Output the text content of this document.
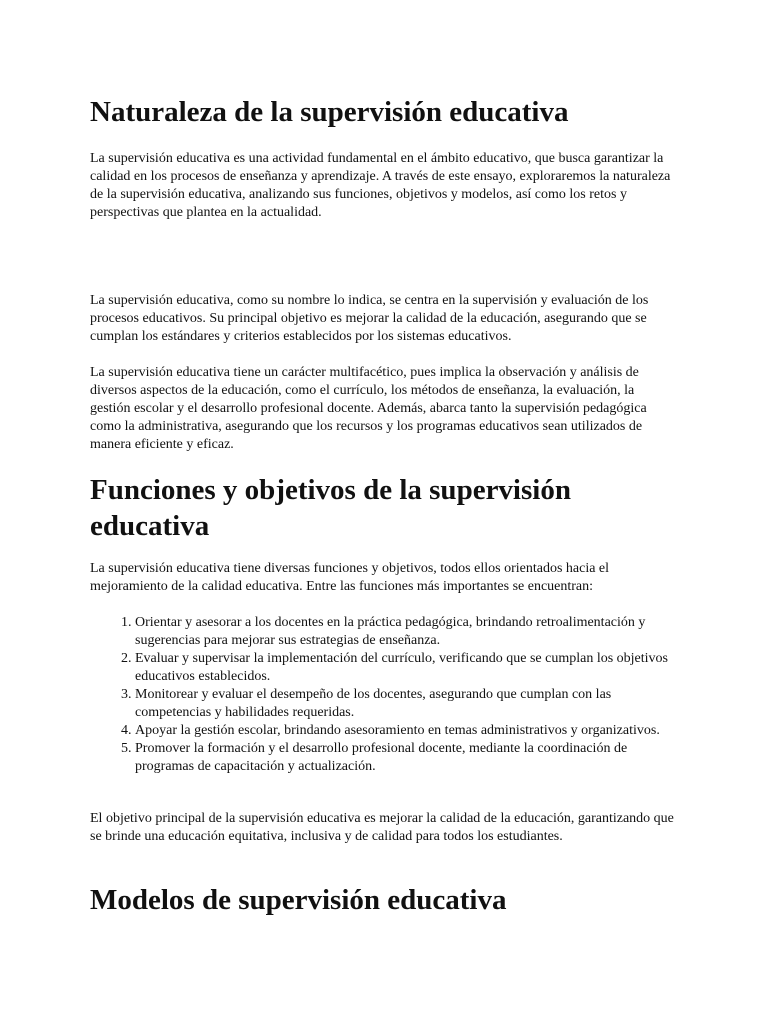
Naturaleza de la supervisión educativa

La supervisión educativa es una actividad fundamental en el ámbito educativo, que busca garantizar la calidad en los procesos de enseñanza y aprendizaje. A través de este ensayo, exploraremos la naturaleza de la supervisión educativa, analizando sus funciones, objetivos y modelos, así como los retos y perspectivas que plantea en la actualidad.

La supervisión educativa, como su nombre lo indica, se centra en la supervisión y evaluación de los procesos educativos. Su principal objetivo es mejorar la calidad de la educación, asegurando que se cumplan los estándares y criterios establecidos por los sistemas educativos.

La supervisión educativa tiene un carácter multifacético, pues implica la observación y análisis de diversos aspectos de la educación, como el currículo, los métodos de enseñanza, la evaluación, la gestión escolar y el desarrollo profesional docente. Además, abarca tanto la supervisión pedagógica como la administrativa, asegurando que los recursos y los programas educativos sean utilizados de manera eficiente y eficaz.

Funciones y objetivos de la supervisión educativa

La supervisión educativa tiene diversas funciones y objetivos, todos ellos orientados hacia el mejoramiento de la calidad educativa. Entre las funciones más importantes se encuentran:

1. Orientar y asesorar a los docentes en la práctica pedagógica, brindando retroalimentación y sugerencias para mejorar sus estrategias de enseñanza.
2. Evaluar y supervisar la implementación del currículo, verificando que se cumplan los objetivos educativos establecidos.
3. Monitorear y evaluar el desempeño de los docentes, asegurando que cumplan con las competencias y habilidades requeridas.
4. Apoyar la gestión escolar, brindando asesoramiento en temas administrativos y organizativos.
5. Promover la formación y el desarrollo profesional docente, mediante la coordinación de programas de capacitación y actualización.

El objetivo principal de la supervisión educativa es mejorar la calidad de la educación, garantizando que se brinde una educación equitativa, inclusiva y de calidad para todos los estudiantes.

Modelos de supervisión educativa
